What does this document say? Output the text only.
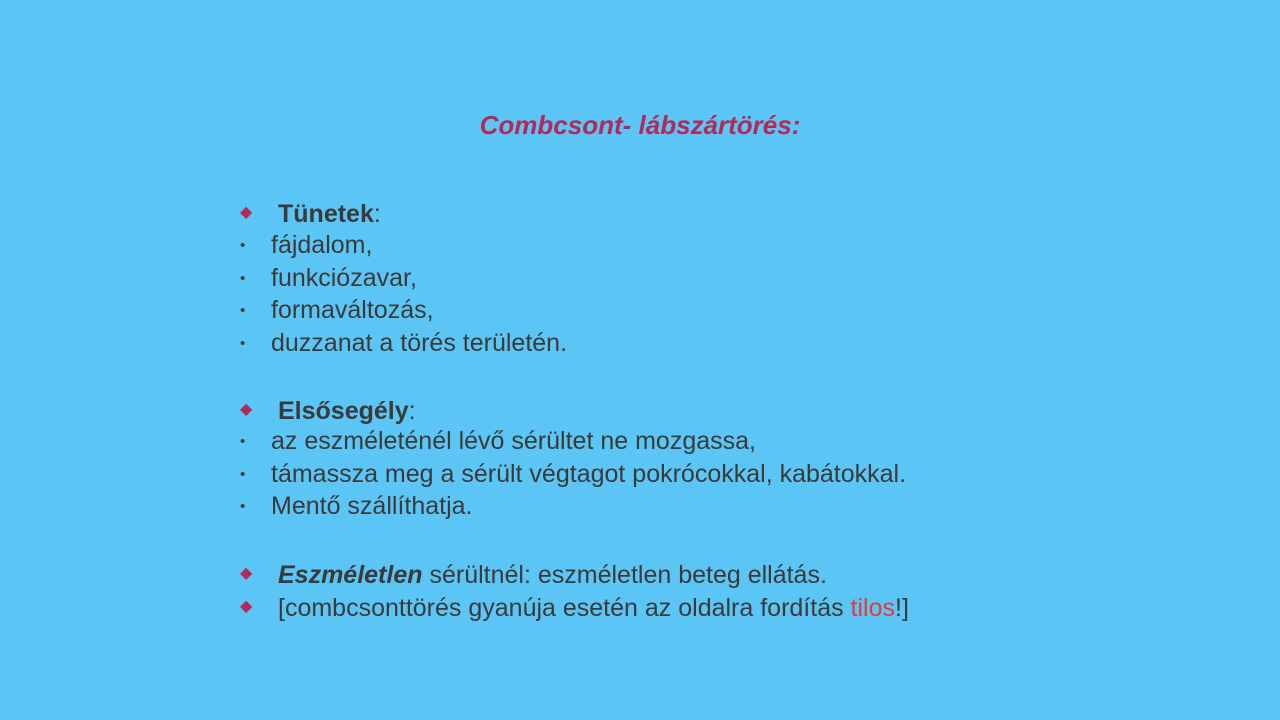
Combcsont- lábszártörés:
◆ Tünetek:
• fájdalom,
• funkciózavar,
• formaváltozás,
• duzzanat a törés területén.
◆ Elsősegély:
• az eszméleténél lévő sérültet ne mozgassa,
• támassza meg a sérült végtagot pokrócokkal, kabátokkal.
• Mentő szállíthatja.
◆ Eszméletlen sérültnél: eszméletlen beteg ellátás.
◆ [combcsonttörés gyanúja esetén az oldalra fordítás tilos!]
